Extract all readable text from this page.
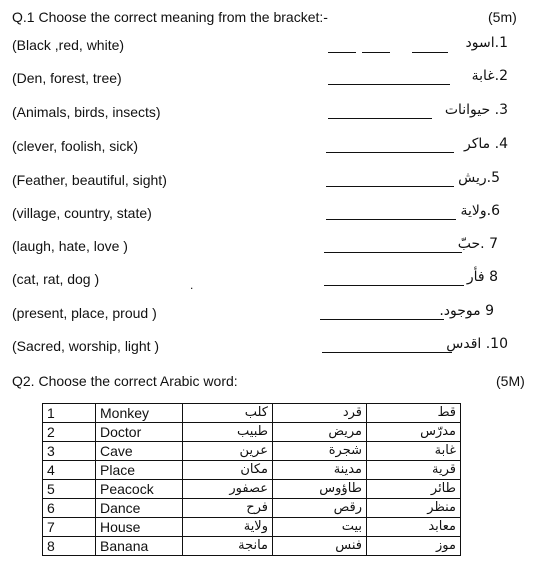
Q.1 Choose the correct meaning from the bracket:-	(5m)
(Black ,red, white)	1.اسود
(Den, forest, tree)	2.غابة
(Animals, birds, insects)	3. حيوانات
(clever, foolish, sick)	4. ماكر
(Feather, beautiful, sight)	5.ريش
(village, country, state)	6.ولاية
(laugh, hate, love )	7 .حبّ
(cat, rat, dog )	8 فأر
.
(present, place, proud )	9 موجود.
(Sacred, worship, light )	10. اقدس
Q2. Choose the correct Arabic word:	(5M)
1	Monkey	كلب	قرد	قط
2	Doctor	طبيب	مريض	مدرّس
3	Cave	عرين	شجرة	غابة
4	Place	مكان	مدينة	قرية
5	Peacock	عصفور	طاؤوس	طائر
6	Dance	فرح	رقص	منظر
7	House	ولاية	بيت	معابد
8	Banana	مانجة	فنس	موز
